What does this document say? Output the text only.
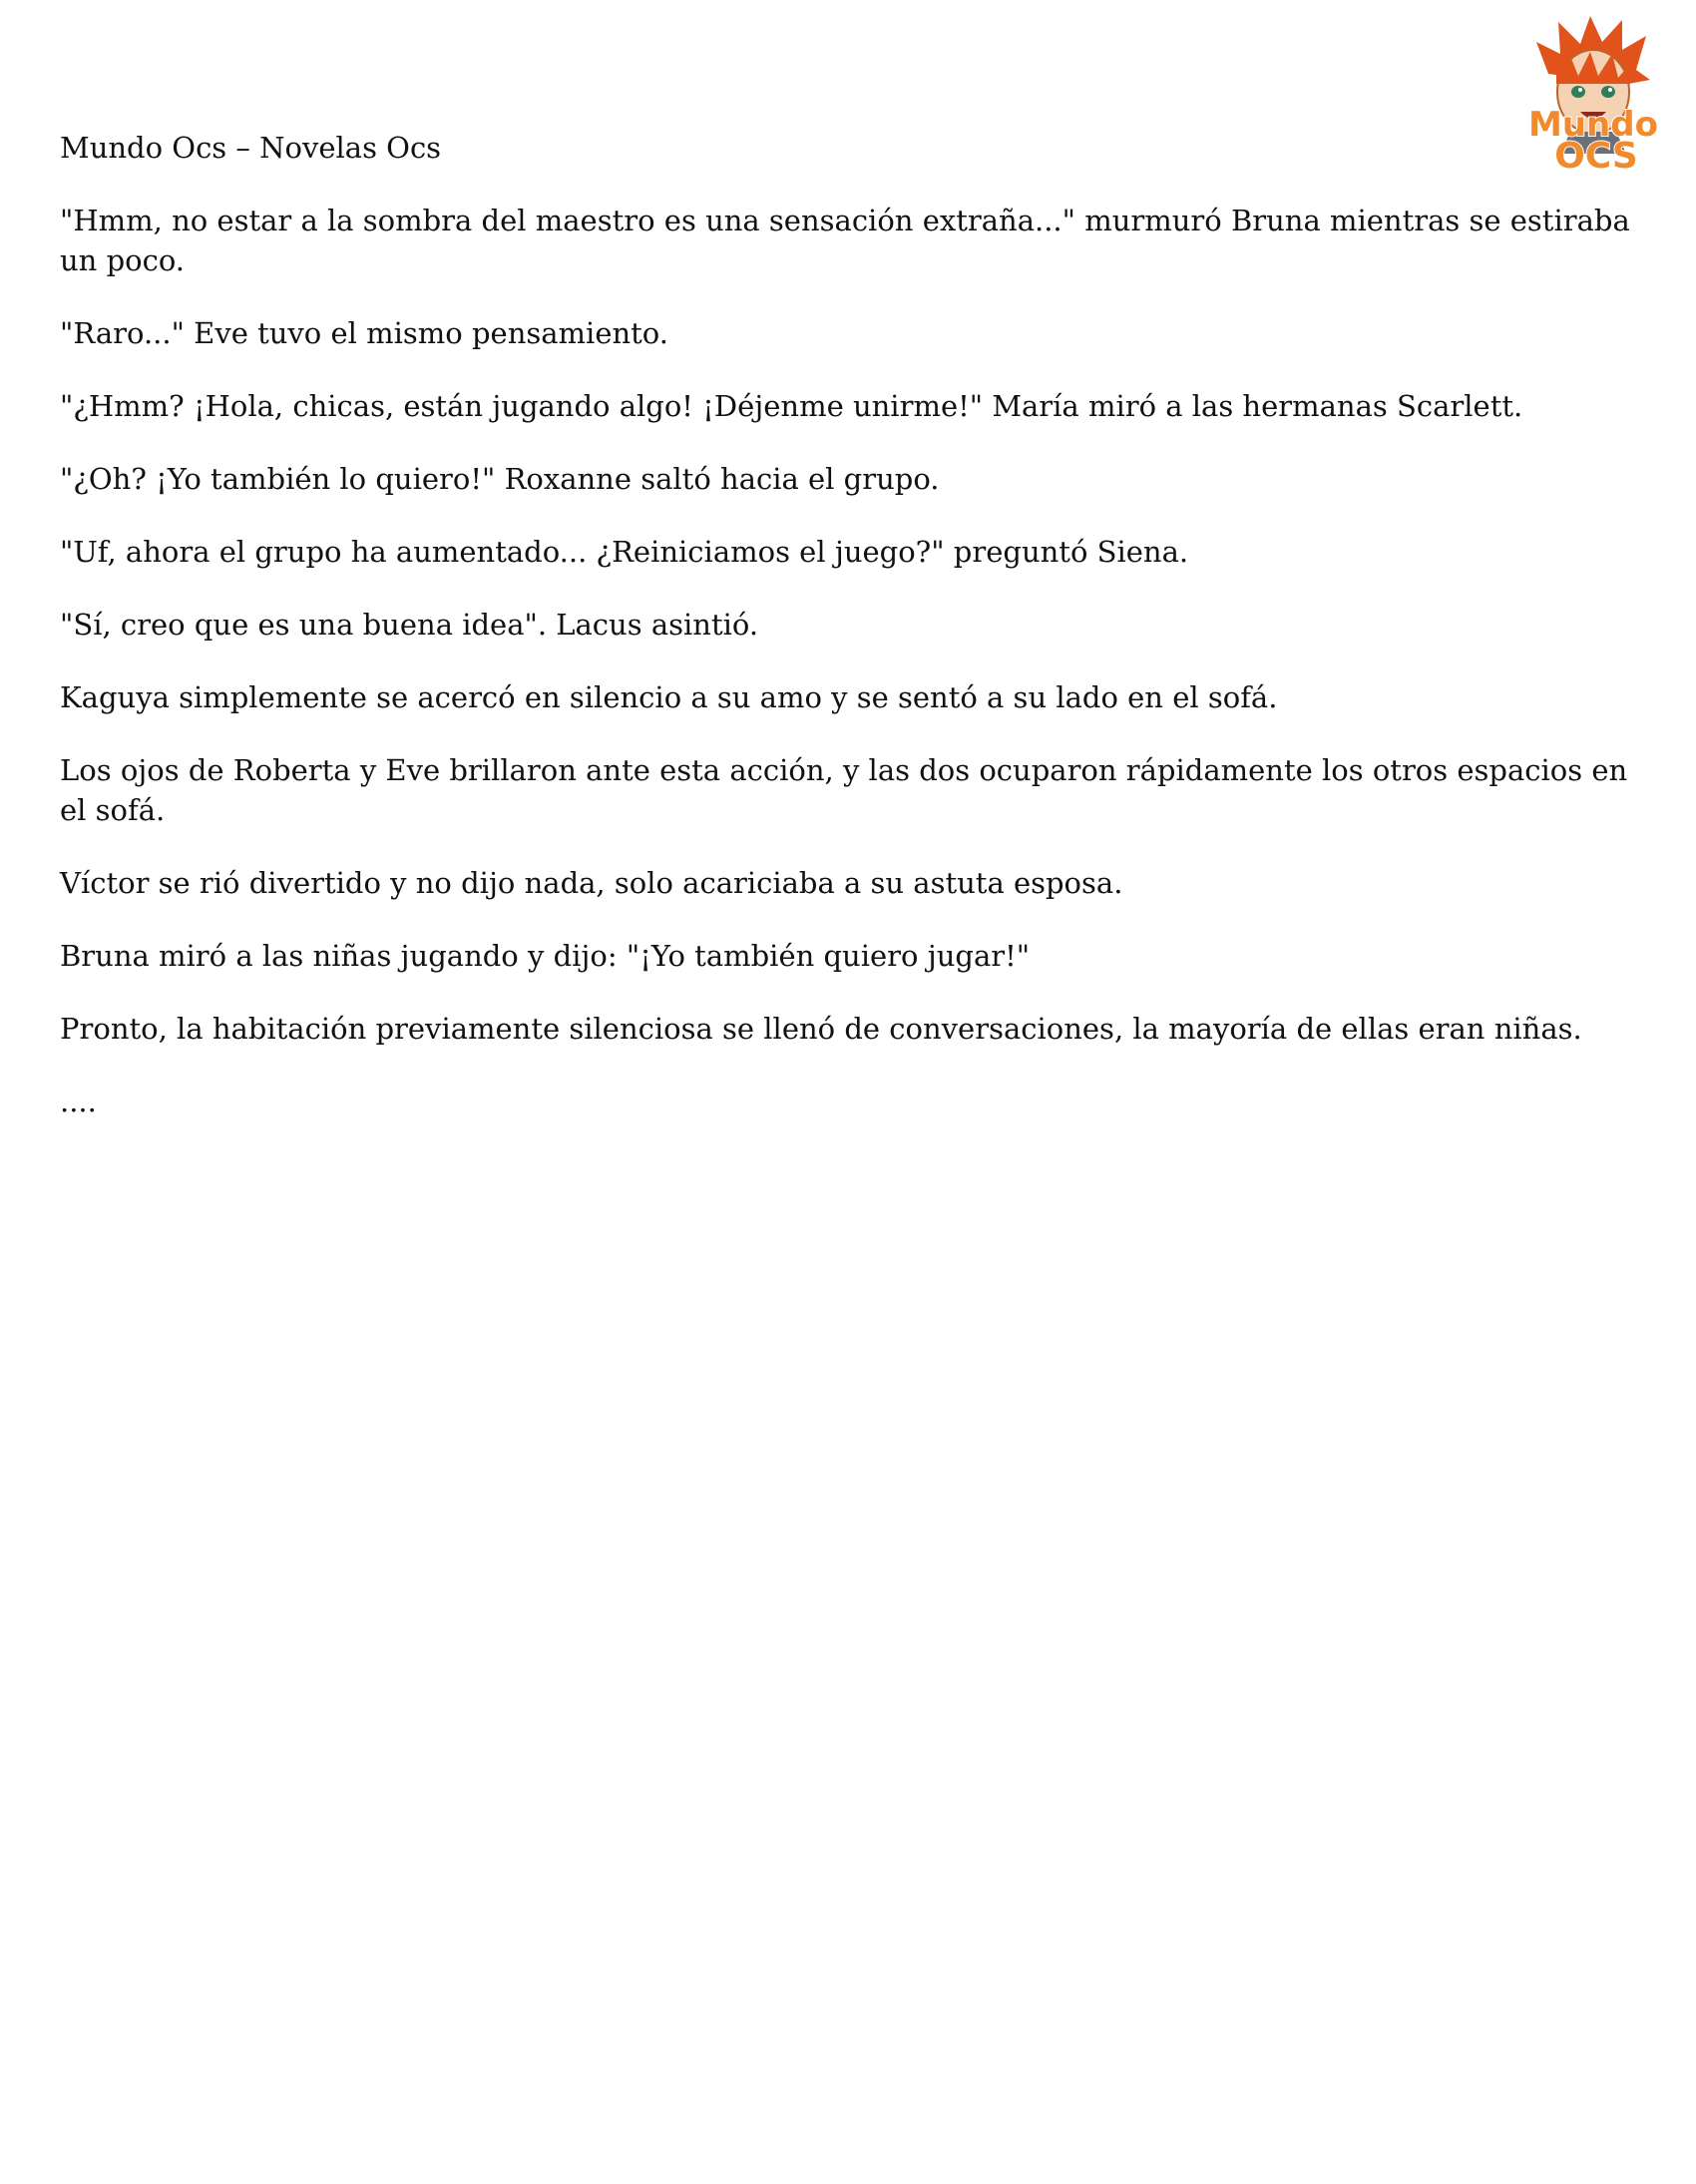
Mundo
OCS

Mundo Ocs – Novelas Ocs

"Hmm, no estar a la sombra del maestro es una sensación extraña..." murmuró Bruna mientras se estiraba un poco.

"Raro..." Eve tuvo el mismo pensamiento.

"¿Hmm? ¡Hola, chicas, están jugando algo! ¡Déjenme unirme!" María miró a las hermanas Scarlett.

"¿Oh? ¡Yo también lo quiero!" Roxanne saltó hacia el grupo.

"Uf, ahora el grupo ha aumentado... ¿Reiniciamos el juego?" preguntó Siena.

"Sí, creo que es una buena idea". Lacus asintió.

Kaguya simplemente se acercó en silencio a su amo y se sentó a su lado en el sofá.

Los ojos de Roberta y Eve brillaron ante esta acción, y las dos ocuparon rápidamente los otros espacios en el sofá.

Víctor se rió divertido y no dijo nada, solo acariciaba a su astuta esposa.

Bruna miró a las niñas jugando y dijo: "¡Yo también quiero jugar!"

Pronto, la habitación previamente silenciosa se llenó de conversaciones, la mayoría de ellas eran niñas.

....
